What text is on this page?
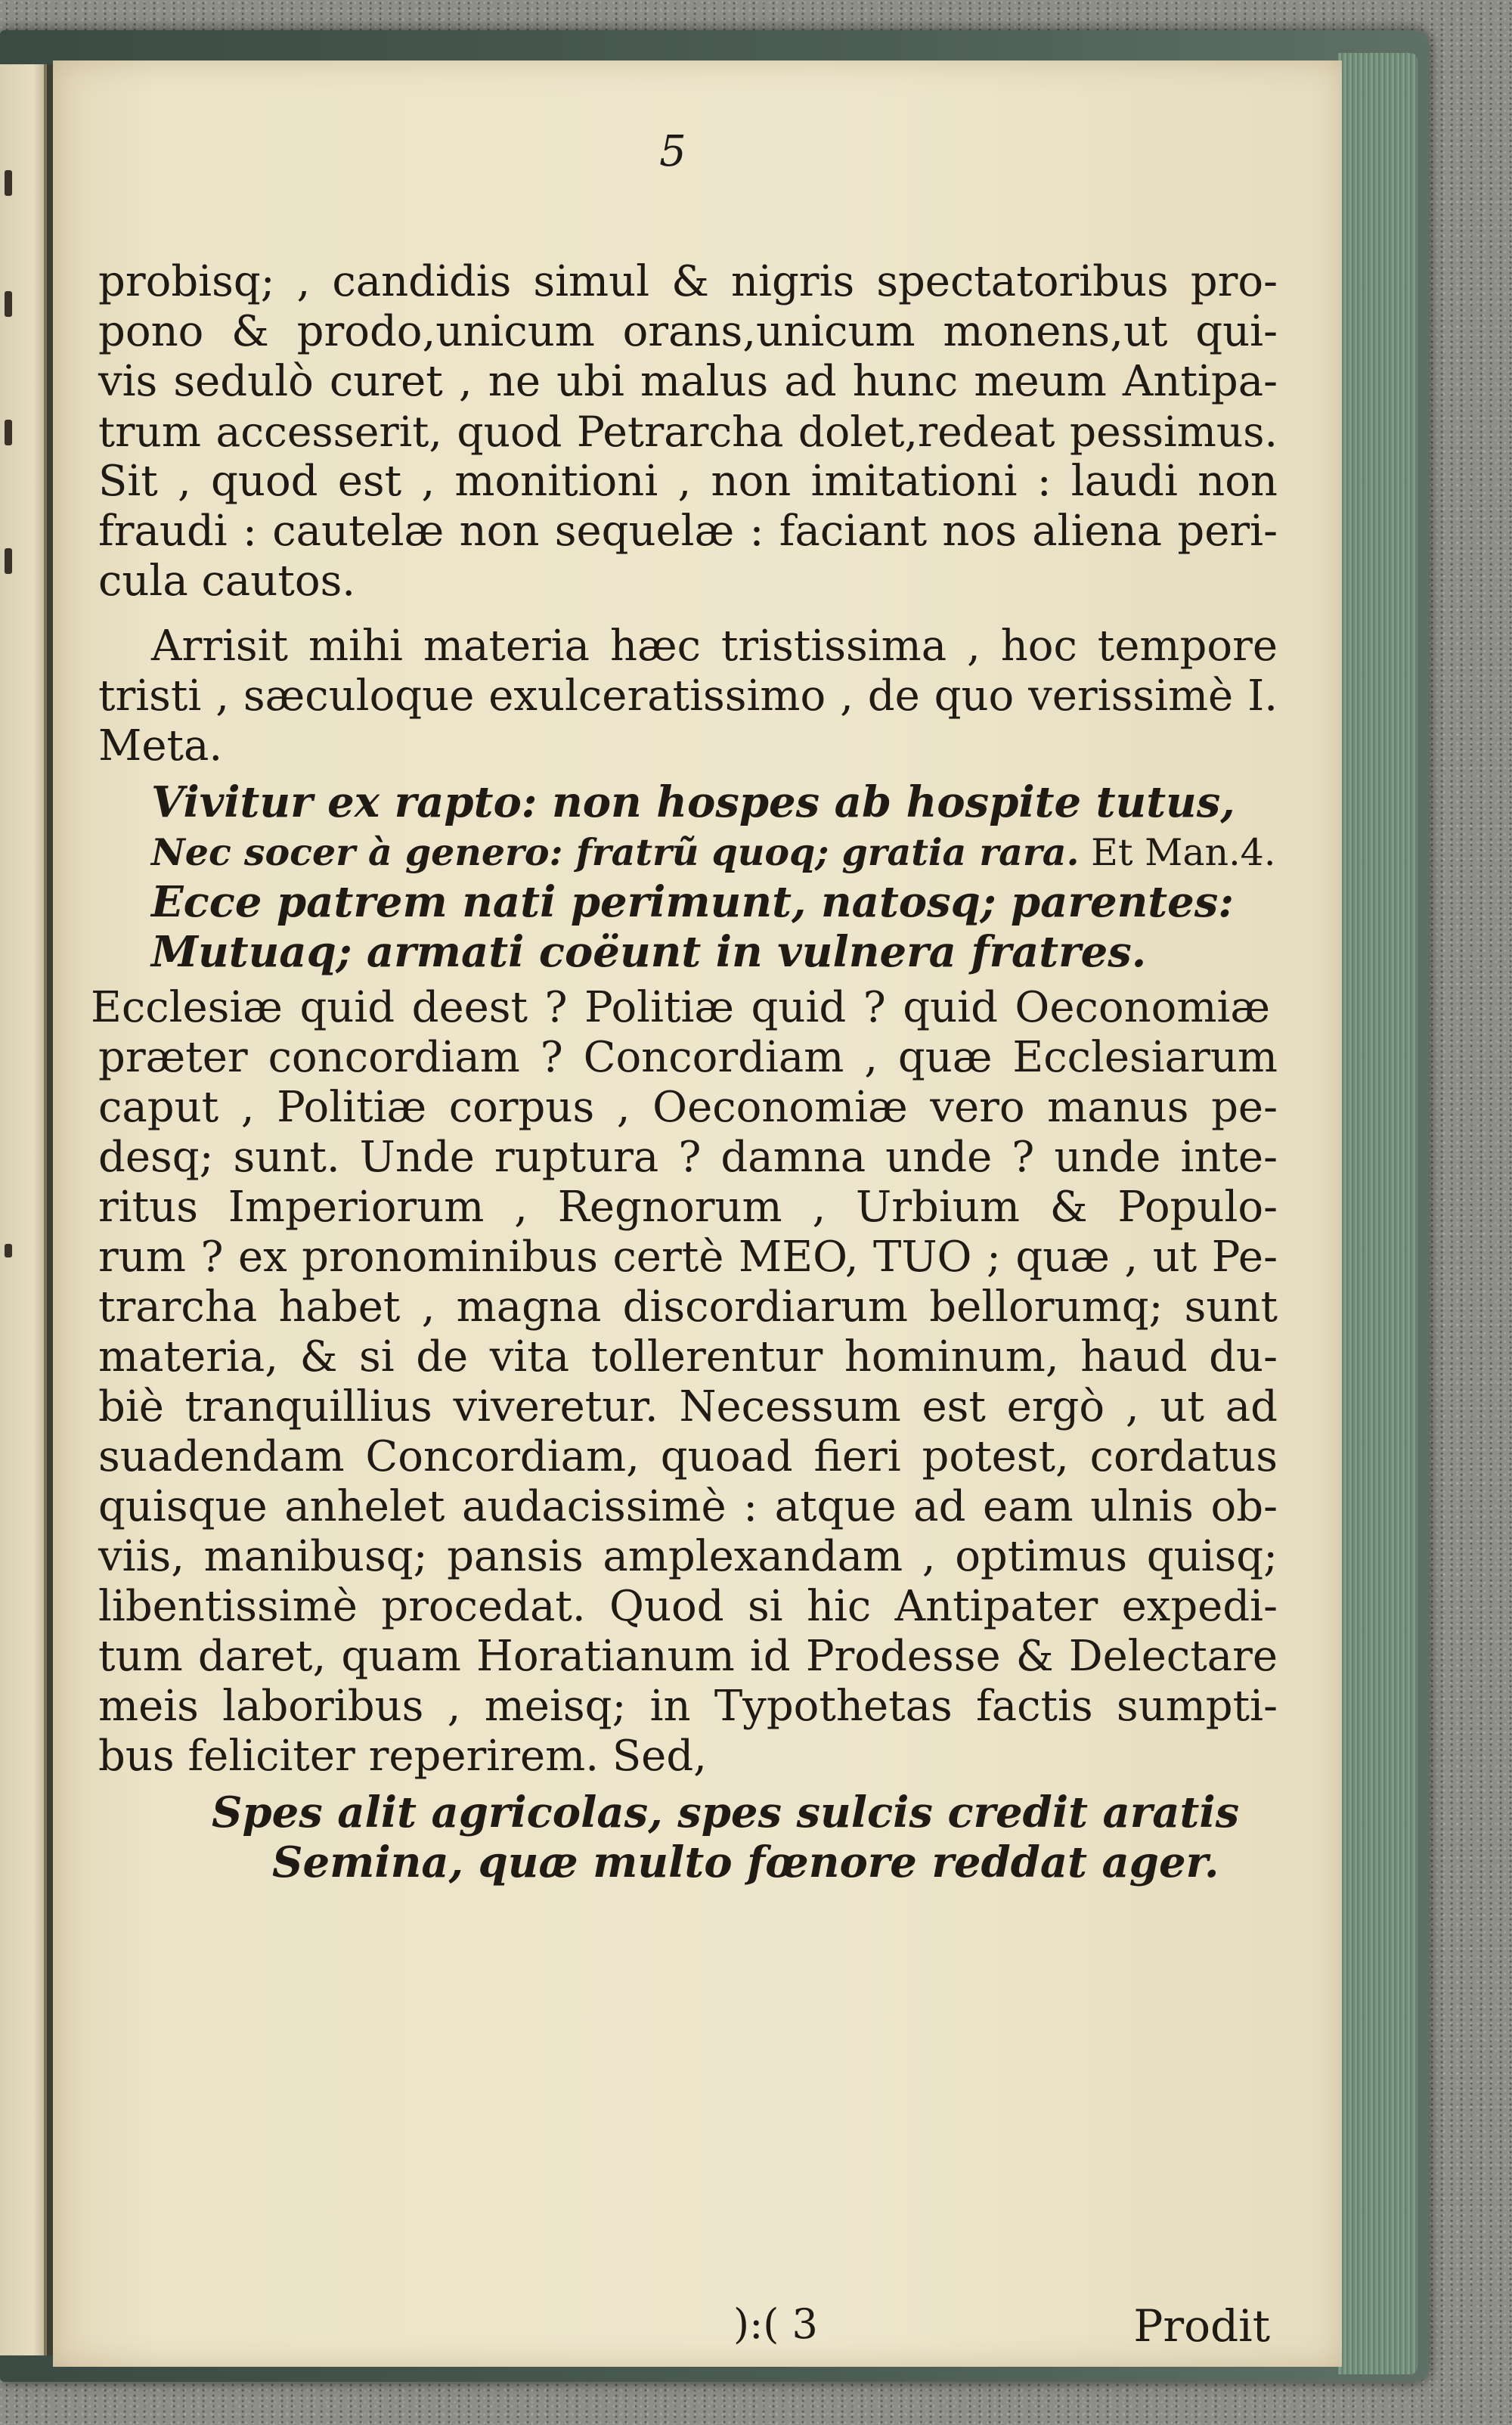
5
probisq; , candidis simul & nigris spectatoribus pro-
pono & prodo,unicum orans,unicum monens,ut qui-
vis sedulò curet , ne ubi malus ad hunc meum Antipa-
trum accesserit, quod Petrarcha dolet,redeat pessimus.
Sit , quod est , monitioni , non imitationi : laudi non
fraudi : cautelæ non sequelæ : faciant nos aliena peri-
cula cautos.
Arrisit mihi materia hæc tristissima , hoc tempore
tristi , sæculoque exulceratissimo , de quo verissimè I.
Meta.
Vivitur ex rapto: non hospes ab hospite tutus,
Nec socer à genero: fratrũ quoq; gratia rara. Et Man.4.
Ecce patrem nati perimunt, natosq; parentes:
Mutuaq; armati coëunt in vulnera fratres.
Ecclesiæ quid deest ? Politiæ quid ? quid Oeconomiæ
præter concordiam ? Concordiam , quæ Ecclesiarum
caput , Politiæ corpus , Oeconomiæ vero manus pe-
desq; sunt. Unde ruptura ? damna unde ? unde inte-
ritus Imperiorum , Regnorum , Urbium & Populo-
rum ? ex pronominibus certè MEO, TUO ; quæ , ut Pe-
trarcha habet , magna discordiarum bellorumq; sunt
materia, & si de vita tollerentur hominum, haud du-
biè tranquillius viveretur. Necessum est ergò , ut ad
suadendam Concordiam, quoad fieri potest, cordatus
quisque anhelet audacissimè : atque ad eam ulnis ob-
viis, manibusq; pansis amplexandam , optimus quisq;
libentissimè procedat. Quod si hic Antipater expedi-
tum daret, quam Horatianum id Prodesse & Delectare
meis laboribus , meisq; in Typothetas factis sumpti-
bus feliciter reperirem. Sed,
Spes alit agricolas, spes sulcis credit aratis
Semina, quæ multo fœnore reddat ager.
):( 3	Prodit
